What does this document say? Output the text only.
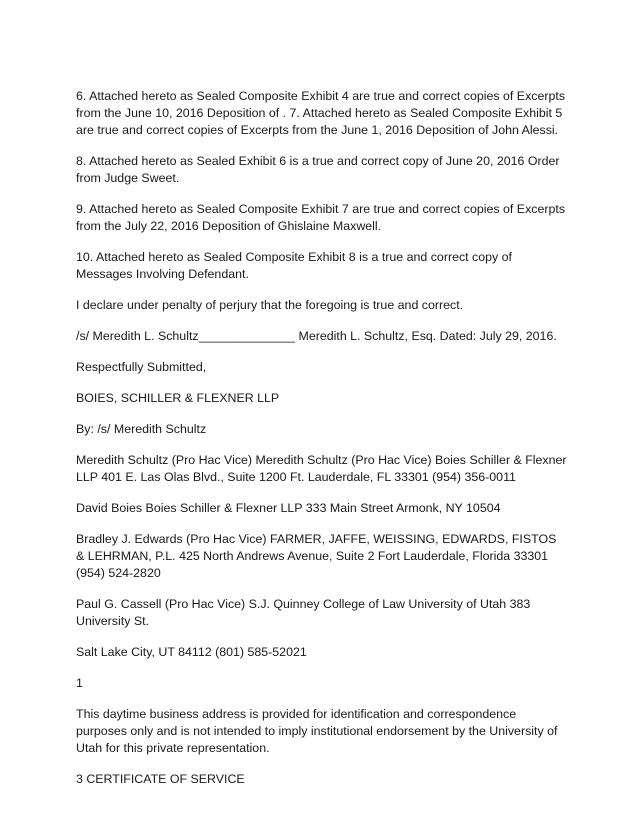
6. Attached hereto as Sealed Composite Exhibit 4 are true and correct copies of Excerpts from the June 10, 2016 Deposition of . 7. Attached hereto as Sealed Composite Exhibit 5 are true and correct copies of Excerpts from the June 1, 2016 Deposition of John Alessi.

8. Attached hereto as Sealed Exhibit 6 is a true and correct copy of June 20, 2016 Order from Judge Sweet.

9. Attached hereto as Sealed Composite Exhibit 7 are true and correct copies of Excerpts from the July 22, 2016 Deposition of Ghislaine Maxwell.

10. Attached hereto as Sealed Composite Exhibit 8 is a true and correct copy of Messages Involving Defendant.

I declare under penalty of perjury that the foregoing is true and correct.

/s/ Meredith L. Schultz______________ Meredith L. Schultz, Esq. Dated: July 29, 2016.

Respectfully Submitted,

BOIES, SCHILLER & FLEXNER LLP

By: /s/ Meredith Schultz

Meredith Schultz (Pro Hac Vice) Meredith Schultz (Pro Hac Vice) Boies Schiller & Flexner LLP 401 E. Las Olas Blvd., Suite 1200 Ft. Lauderdale, FL 33301 (954) 356-0011

David Boies Boies Schiller & Flexner LLP 333 Main Street Armonk, NY 10504

Bradley J. Edwards (Pro Hac Vice) FARMER, JAFFE, WEISSING, EDWARDS, FISTOS & LEHRMAN, P.L. 425 North Andrews Avenue, Suite 2 Fort Lauderdale, Florida 33301 (954) 524-2820

Paul G. Cassell (Pro Hac Vice) S.J. Quinney College of Law University of Utah 383 University St.

Salt Lake City, UT 84112 (801) 585-52021

1

This daytime business address is provided for identification and correspondence purposes only and is not intended to imply institutional endorsement by the University of Utah for this private representation.

3 CERTIFICATE OF SERVICE
